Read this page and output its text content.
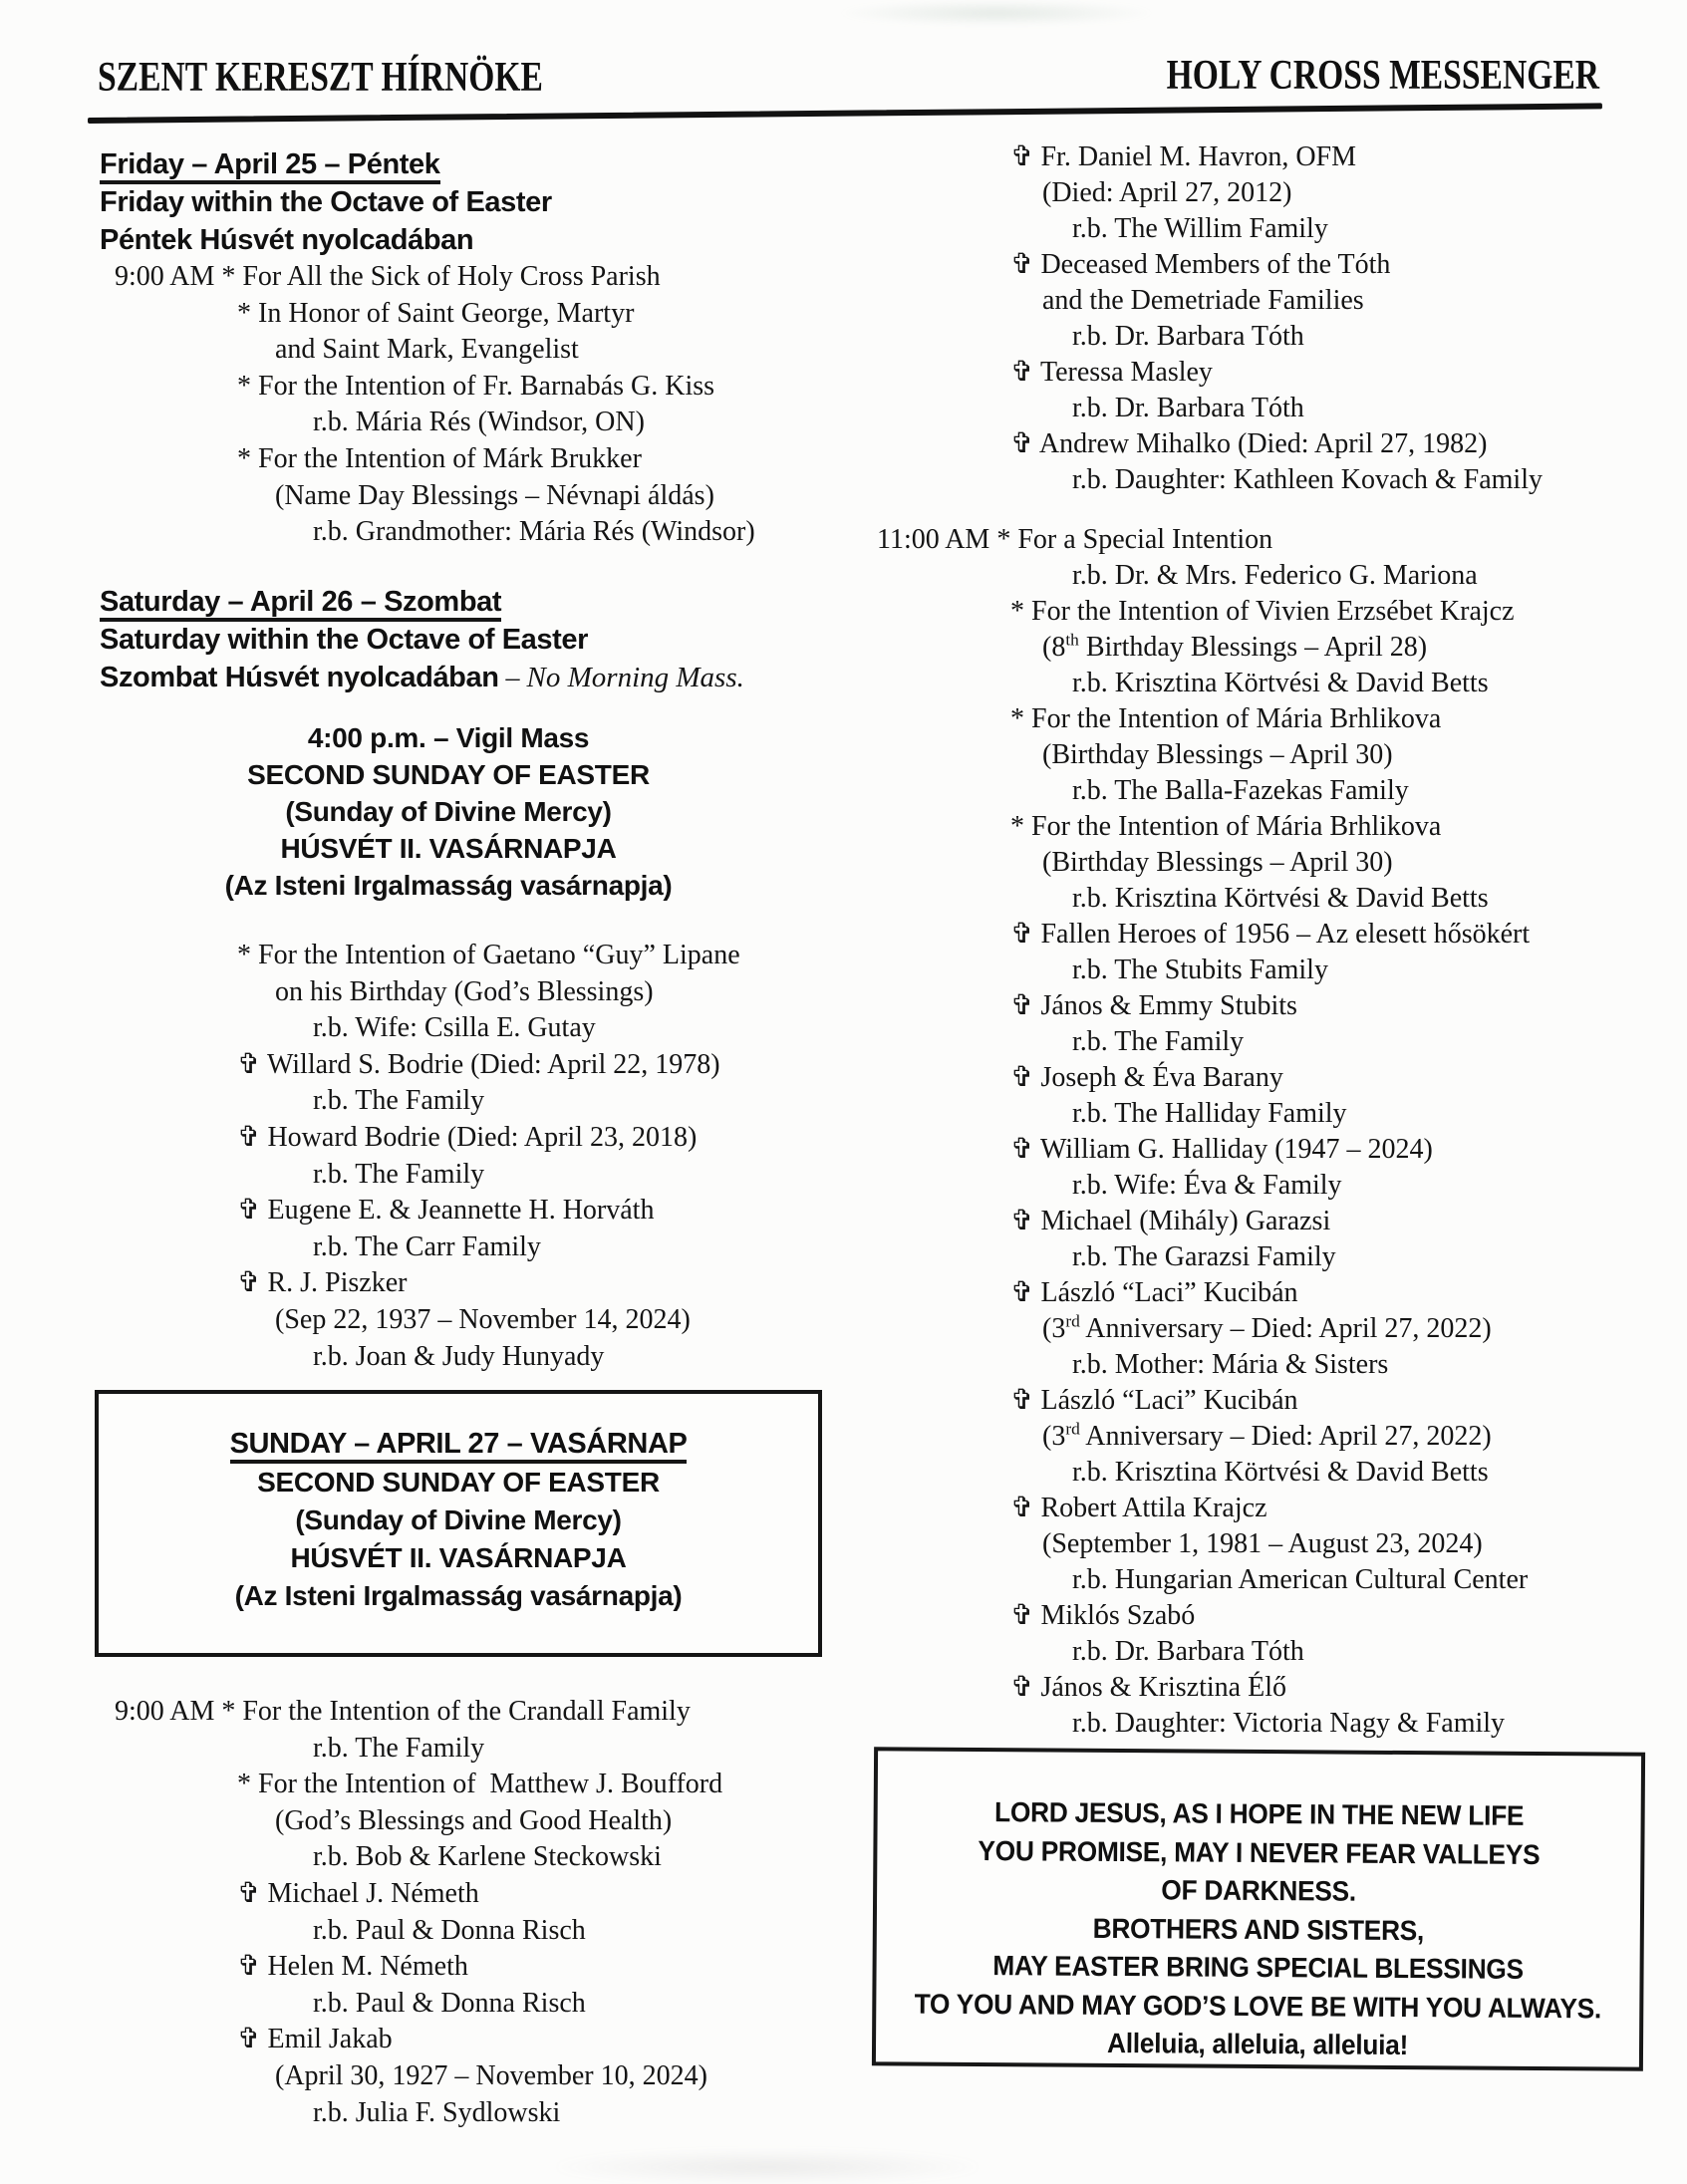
SZENT KERESZT HÍRNÖKE	HOLY CROSS MESSENGER
Friday – April 25 – Péntek
Friday within the Octave of Easter
Péntek Húsvét nyolcadában
9:00 AM * For All the Sick of Holy Cross Parish
* In Honor of Saint George, Martyr
and Saint Mark, Evangelist
* For the Intention of Fr. Barnabás G. Kiss
r.b. Mária Rés (Windsor, ON)
* For the Intention of Márk Brukker
(Name Day Blessings – Névnapi áldás)
r.b. Grandmother: Mária Rés (Windsor)
Saturday – April 26 – Szombat
Saturday within the Octave of Easter
Szombat Húsvét nyolcadában – No Morning Mass.
4:00 p.m. – Vigil Mass
SECOND SUNDAY OF EASTER
(Sunday of Divine Mercy)
HÚSVÉT II. VASÁRNAPJA
(Az Isteni Irgalmasság vasárnapja)
* For the Intention of Gaetano “Guy” Lipane
on his Birthday (God’s Blessings)
r.b. Wife: Csilla E. Gutay
✞ Willard S. Bodrie (Died: April 22, 1978)
r.b. The Family
✞ Howard Bodrie (Died: April 23, 2018)
r.b. The Family
✞ Eugene E. & Jeannette H. Horváth
r.b. The Carr Family
✞ R. J. Piszker
(Sep 22, 1937 – November 14, 2024)
r.b. Joan & Judy Hunyady
SUNDAY – APRIL 27 – VASÁRNAP
SECOND SUNDAY OF EASTER
(Sunday of Divine Mercy)
HÚSVÉT II. VASÁRNAPJA
(Az Isteni Irgalmasság vasárnapja)
9:00 AM * For the Intention of the Crandall Family
r.b. The Family
* For the Intention of  Matthew J. Boufford
(God’s Blessings and Good Health)
r.b. Bob & Karlene Steckowski
✞ Michael J. Németh
r.b. Paul & Donna Risch
✞ Helen M. Németh
r.b. Paul & Donna Risch
✞ Emil Jakab
(April 30, 1927 – November 10, 2024)
r.b. Julia F. Sydlowski
✞ Fr. Daniel M. Havron, OFM
(Died: April 27, 2012)
r.b. The Willim Family
✞ Deceased Members of the Tóth
and the Demetriade Families
r.b. Dr. Barbara Tóth
✞ Teressa Masley
r.b. Dr. Barbara Tóth
✞ Andrew Mihalko (Died: April 27, 1982)
r.b. Daughter: Kathleen Kovach & Family
11:00 AM * For a Special Intention
r.b. Dr. & Mrs. Federico G. Mariona
* For the Intention of Vivien Erzsébet Krajcz
(8th Birthday Blessings – April 28)
r.b. Krisztina Körtvési & David Betts
* For the Intention of Mária Brhlikova
(Birthday Blessings – April 30)
r.b. The Balla-Fazekas Family
* For the Intention of Mária Brhlikova
(Birthday Blessings – April 30)
r.b. Krisztina Körtvési & David Betts
✞ Fallen Heroes of 1956 – Az elesett hősökért
r.b. The Stubits Family
✞ János & Emmy Stubits
r.b. The Family
✞ Joseph & Éva Barany
r.b. The Halliday Family
✞ William G. Halliday (1947 – 2024)
r.b. Wife: Éva & Family
✞ Michael (Mihály) Garazsi
r.b. The Garazsi Family
✞ László “Laci” Kucibán
(3rd Anniversary – Died: April 27, 2022)
r.b. Mother: Mária & Sisters
✞ László “Laci” Kucibán
(3rd Anniversary – Died: April 27, 2022)
r.b. Krisztina Körtvési & David Betts
✞ Robert Attila Krajcz
(September 1, 1981 – August 23, 2024)
r.b. Hungarian American Cultural Center
✞ Miklós Szabó
r.b. Dr. Barbara Tóth
✞ János & Krisztina Élő
r.b. Daughter: Victoria Nagy & Family
LORD JESUS, AS I HOPE IN THE NEW LIFE
YOU PROMISE, MAY I NEVER FEAR VALLEYS
OF DARKNESS.
BROTHERS AND SISTERS,
MAY EASTER BRING SPECIAL BLESSINGS
TO YOU AND MAY GOD’S LOVE BE WITH YOU ALWAYS.
Alleluia, alleluia, alleluia!
